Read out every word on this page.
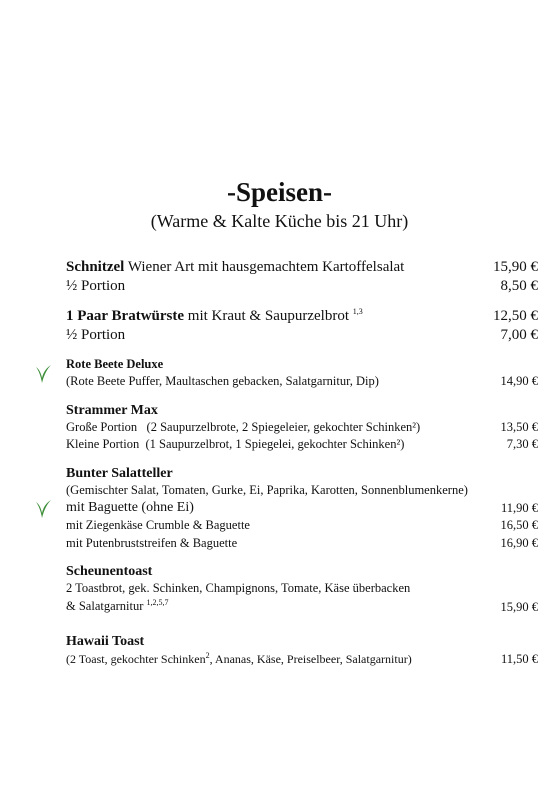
-Speisen-
(Warme & Kalte Küche bis 21 Uhr)
Schnitzel Wiener Art mit hausgemachtem Kartoffelsalat	15,90 €
½ Portion	8,50 €
1 Paar Bratwürste mit Kraut & Saupurzelbrot $^{1,3}$	12,50 €
½ Portion	7,00 €
Rote Beete Deluxe
(Rote Beete Puffer, Maultaschen gebacken, Salatgarnitur, Dip)	14,90 €
Strammer Max
Große Portion   (2 Saupurzelbrote, 2 Spiegeleier, gekochter Schinken²)	13,50 €
Kleine Portion  (1 Saupurzelbrot, 1 Spiegelei, gekochter Schinken²)	7,30 €
Bunter Salatteller
(Gemischter Salat, Tomaten, Gurke, Ei, Paprika, Karotten, Sonnenblumenkerne)
mit Baguette (ohne Ei)	11,90 €
mit Ziegenkäse Crumble & Baguette	16,50 €
mit Putenbruststreifen & Baguette	16,90 €
Scheunentoast
2 Toastbrot, gek. Schinken, Champignons, Tomate, Käse überbacken
& Salatgarnitur $^{1,2,5,7}$	15,90 €
Hawaii Toast
(2 Toast, gekochter Schinken$^2$, Ananas, Käse, Preiselbeer, Salatgarnitur)	11,50 €
